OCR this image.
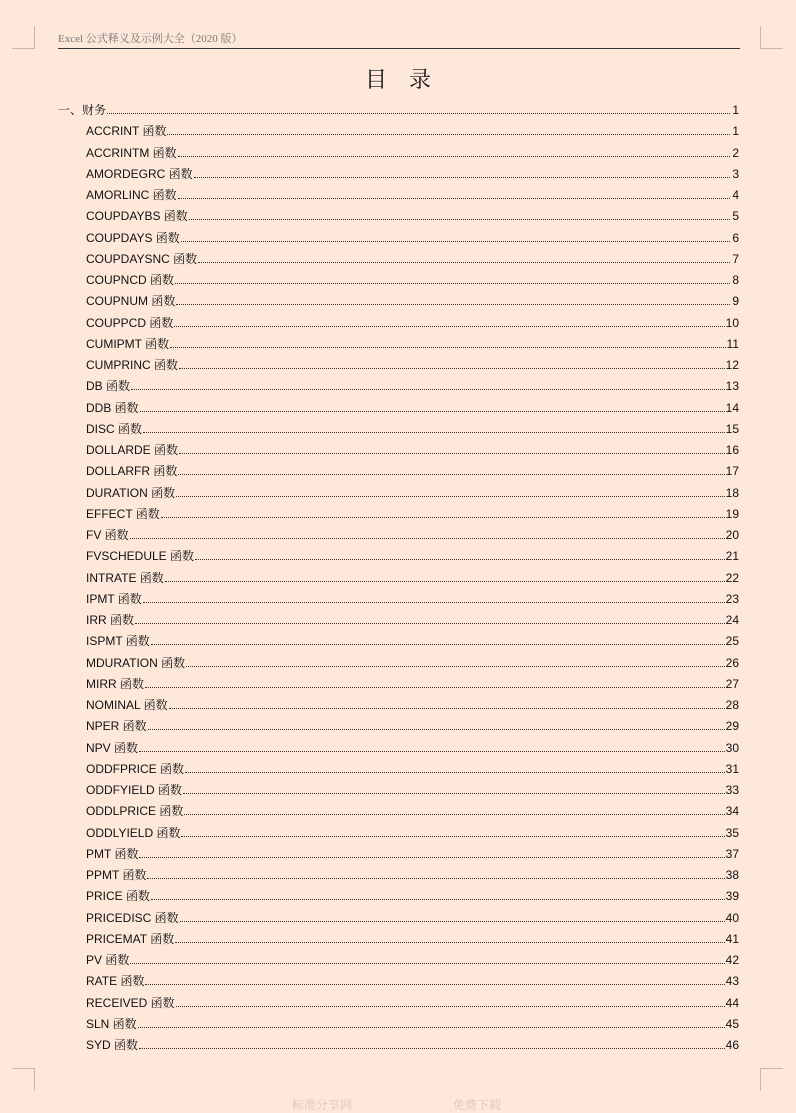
Excel 公式释义及示例大全（2020 版）
目录
一、财务	1
ACCRINT 函数	1
ACCRINTM 函数	2
AMORDEGRC 函数	3
AMORLINC 函数	4
COUPDAYBS 函数	5
COUPDAYS 函数	6
COUPDAYSNC 函数	7
COUPNCD 函数	8
COUPNUM 函数	9
COUPPCD 函数	10
CUMIPMT 函数	11
CUMPRINC 函数	12
DB 函数	13
DDB 函数	14
DISC 函数	15
DOLLARDE 函数	16
DOLLARFR 函数	17
DURATION 函数	18
EFFECT 函数	19
FV 函数	20
FVSCHEDULE 函数	21
INTRATE 函数	22
IPMT 函数	23
IRR 函数	24
ISPMT 函数	25
MDURATION 函数	26
MIRR 函数	27
NOMINAL 函数	28
NPER 函数	29
NPV 函数	30
ODDFPRICE 函数	31
ODDFYIELD 函数	33
ODDLPRICE 函数	34
ODDLYIELD 函数	35
PMT 函数	37
PPMT 函数	38
PRICE 函数	39
PRICEDISC 函数	40
PRICEMAT 函数	41
PV 函数	42
RATE 函数	43
RECEIVED 函数	44
SLN 函数	45
SYD 函数	46
标准分享网	免费下载
